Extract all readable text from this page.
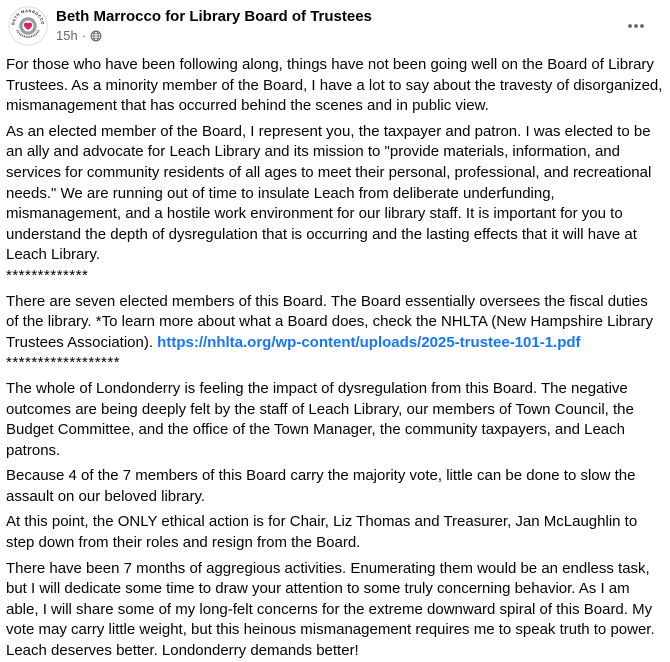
BETH MARROCCO Beth Marrocco for Library Board of Trustees
15h ·
For those who have been following along, things have not been going well on the Board of Library Trustees. As a minority member of the Board, I have a lot to say about the travesty of disorganized, mismanagement that has occurred behind the scenes and in public view.
As an elected member of the Board, I represent you, the taxpayer and patron. I was elected to be an ally and advocate for Leach Library and its mission to "provide materials, information, and services for community residents of all ages to meet their personal, professional, and recreational needs." We are running out of time to insulate Leach from deliberate underfunding, mismanagement, and a hostile work environment for our library staff. It is important for you to understand the depth of dysregulation that is occurring and the lasting effects that it will have at Leach Library.
*************
There are seven elected members of this Board. The Board essentially oversees the fiscal duties of the library. *To learn more about what a Board does, check the NHLTA (New Hampshire Library Trustees Association). https://nhlta.org/wp-content/uploads/2025-trustee-101-1.pdf
******************
The whole of Londonderry is feeling the impact of dysregulation from this Board. The negative outcomes are being deeply felt by the staff of Leach Library, our members of Town Council, the Budget Committee, and the office of the Town Manager, the community taxpayers, and Leach patrons.
Because 4 of the 7 members of this Board carry the majority vote, little can be done to slow the assault on our beloved library.
At this point, the ONLY ethical action is for Chair, Liz Thomas and Treasurer, Jan McLaughlin to step down from their roles and resign from the Board.
There have been 7 months of aggregious activities. Enumerating them would be an endless task, but I will dedicate some time to draw your attention to some truly concerning behavior. As I am able, I will share some of my long-felt concerns for the extreme downward spiral of this Board. My vote may carry little weight, but this heinous mismanagement requires me to speak truth to power. Leach deserves better. Londonderry demands better!
